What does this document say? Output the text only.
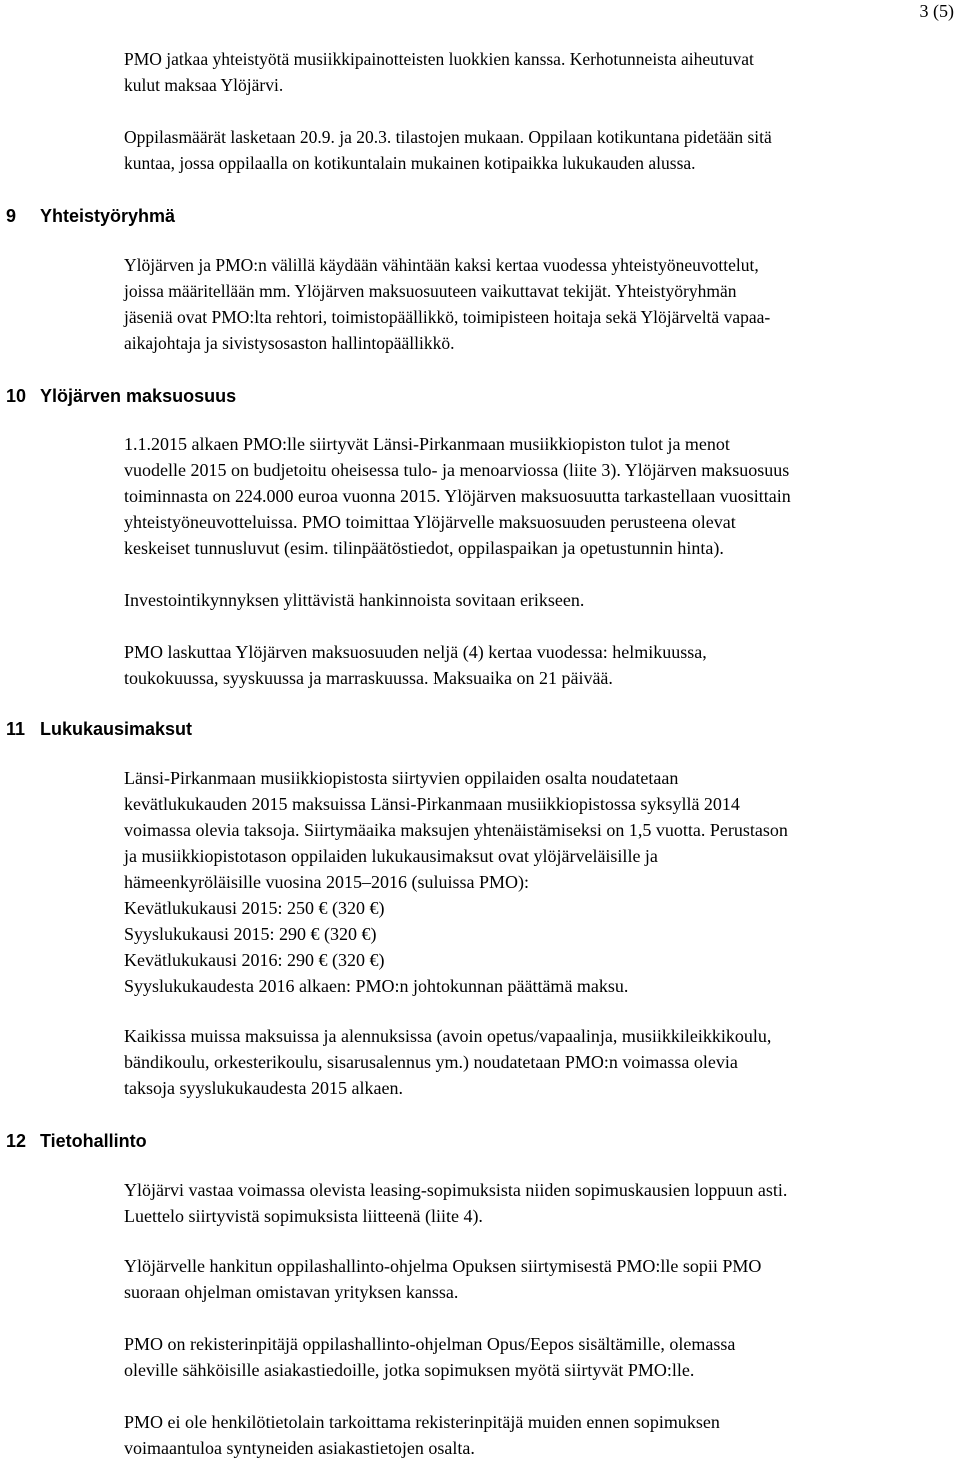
3 (5)
9 Yhteistyöryhmä
10 Ylöjärven maksuosuus
11 Lukukausimaksut
12 Tietohallinto
PMO jatkaa yhteistyötä musiikkipainotteisten luokkien kanssa. Kerhotunneista aiheutuvat
kulut maksaa Ylöjärvi.
Oppilasmäärät lasketaan 20.9. ja 20.3. tilastojen mukaan. Oppilaan kotikuntana pidetään sitä
kuntaa, jossa oppilaalla on kotikuntalain mukainen kotipaikka lukukauden alussa.
Ylöjärven ja PMO:n välillä käydään vähintään kaksi kertaa vuodessa yhteistyöneuvottelut,
joissa määritellään mm. Ylöjärven maksuosuuteen vaikuttavat tekijät. Yhteistyöryhmän
jäseniä ovat PMO:lta rehtori, toimistopäällikkö, toimipisteen hoitaja sekä Ylöjärveltä vapaa-
aikajohtaja ja sivistysosaston hallintopäällikkö.
1.1.2015 alkaen PMO:lle siirtyvät Länsi-Pirkanmaan musiikkiopiston tulot ja menot
vuodelle 2015 on budjetoitu oheisessa tulo- ja menoarviossa (liite 3). Ylöjärven maksuosuus
toiminnasta on 224.000 euroa vuonna 2015. Ylöjärven maksuosuutta tarkastellaan vuosittain
yhteistyöneuvotteluissa. PMO toimittaa Ylöjärvelle maksuosuuden perusteena olevat
keskeiset tunnusluvut (esim. tilinpäätöstiedot, oppilaspaikan ja opetustunnin hinta).
Investointikynnyksen ylittävistä hankinnoista sovitaan erikseen.
PMO laskuttaa Ylöjärven maksuosuuden neljä (4) kertaa vuodessa: helmikuussa,
toukokuussa, syyskuussa ja marraskuussa. Maksuaika on 21 päivää.
Länsi-Pirkanmaan musiikkiopistosta siirtyvien oppilaiden osalta noudatetaan
kevätlukukauden 2015 maksuissa Länsi-Pirkanmaan musiikkiopistossa syksyllä 2014
voimassa olevia taksoja. Siirtymäaika maksujen yhtenäistämiseksi on 1,5 vuotta. Perustason
ja musiikkiopistotason oppilaiden lukukausimaksut ovat ylöjärveläisille ja
hämeenkyröläisille vuosina 2015–2016 (suluissa PMO):
Kevätlukukausi 2015: 250 € (320 €)
Syyslukukausi 2015: 290 € (320 €)
Kevätlukukausi 2016: 290 € (320 €)
Syyslukukaudesta 2016 alkaen: PMO:n johtokunnan päättämä maksu.
Kaikissa muissa maksuissa ja alennuksissa (avoin opetus/vapaalinja, musiikkileikkikoulu,
bändikoulu, orkesterikoulu, sisarusalennus ym.) noudatetaan PMO:n voimassa olevia
taksoja syyslukukaudesta 2015 alkaen.
Ylöjärvi vastaa voimassa olevista leasing-sopimuksista niiden sopimuskausien loppuun asti.
Luettelo siirtyvistä sopimuksista liitteenä (liite 4).
Ylöjärvelle hankitun oppilashallinto-ohjelma Opuksen siirtymisestä PMO:lle sopii PMO
suoraan ohjelman omistavan yrityksen kanssa.
PMO on rekisterinpitäjä oppilashallinto-ohjelman Opus/Eepos sisältämille, olemassa
oleville sähköisille asiakastiedoille, jotka sopimuksen myötä siirtyvät PMO:lle.
PMO ei ole henkilötietolain tarkoittama rekisterinpitäjä muiden ennen sopimuksen
voimaantuloa syntyneiden asiakastietojen osalta.
